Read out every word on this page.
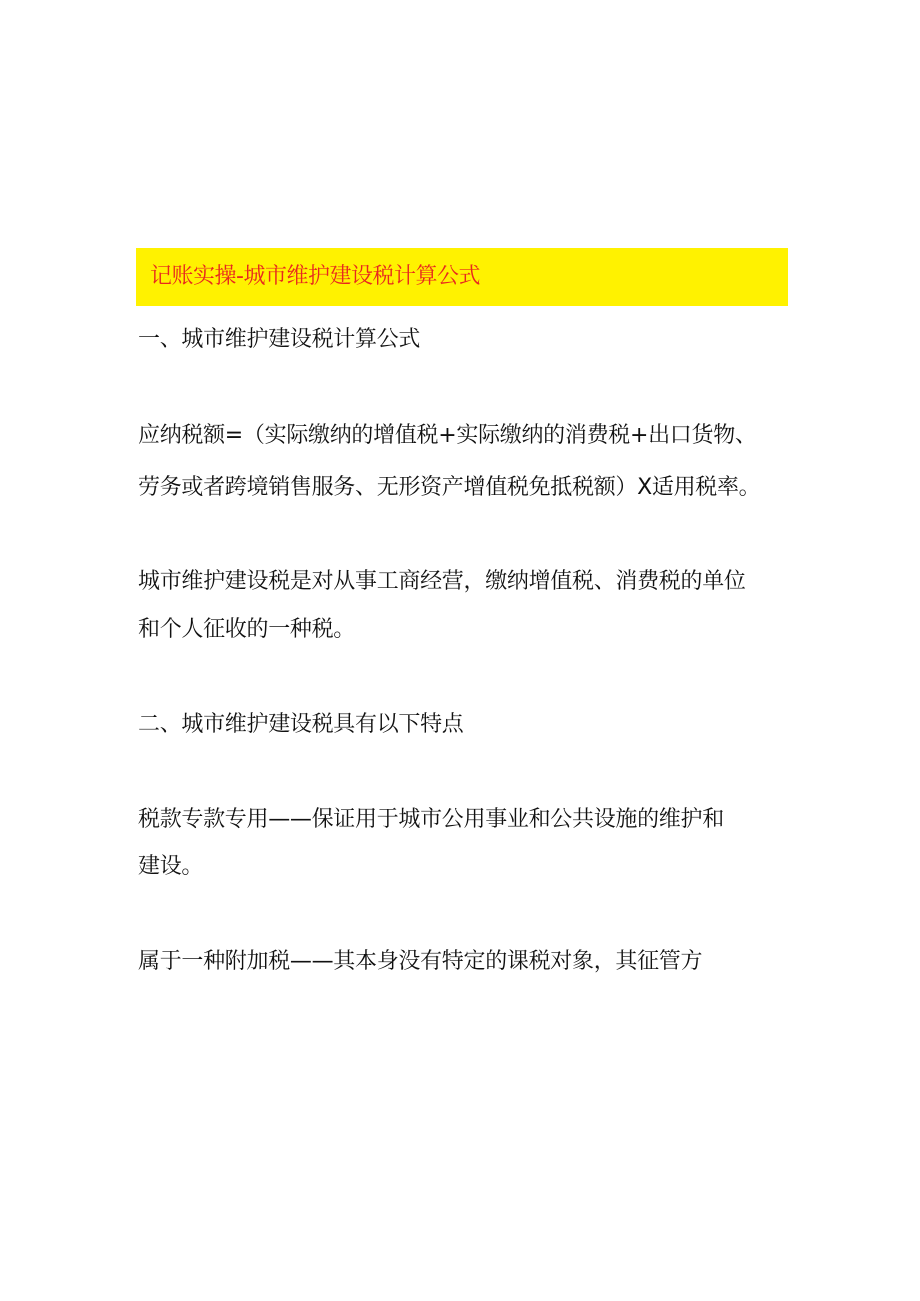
记账实操-城市维护建设税计算公式

一、城市维护建设税计算公式

应纳税额=（实际缴纳的增值税+实际缴纳的消费税+出口货物、

劳务或者跨境销售服务、无形资产增值税免抵税额）X适用税率。

城市维护建设税是对从事工商经营，缴纳增值税、消费税的单位

和个人征收的一种税。

二、城市维护建设税具有以下特点

税款专款专用——保证用于城市公用事业和公共设施的维护和

建设。

属于一种附加税——其本身没有特定的课税对象，其征管方
